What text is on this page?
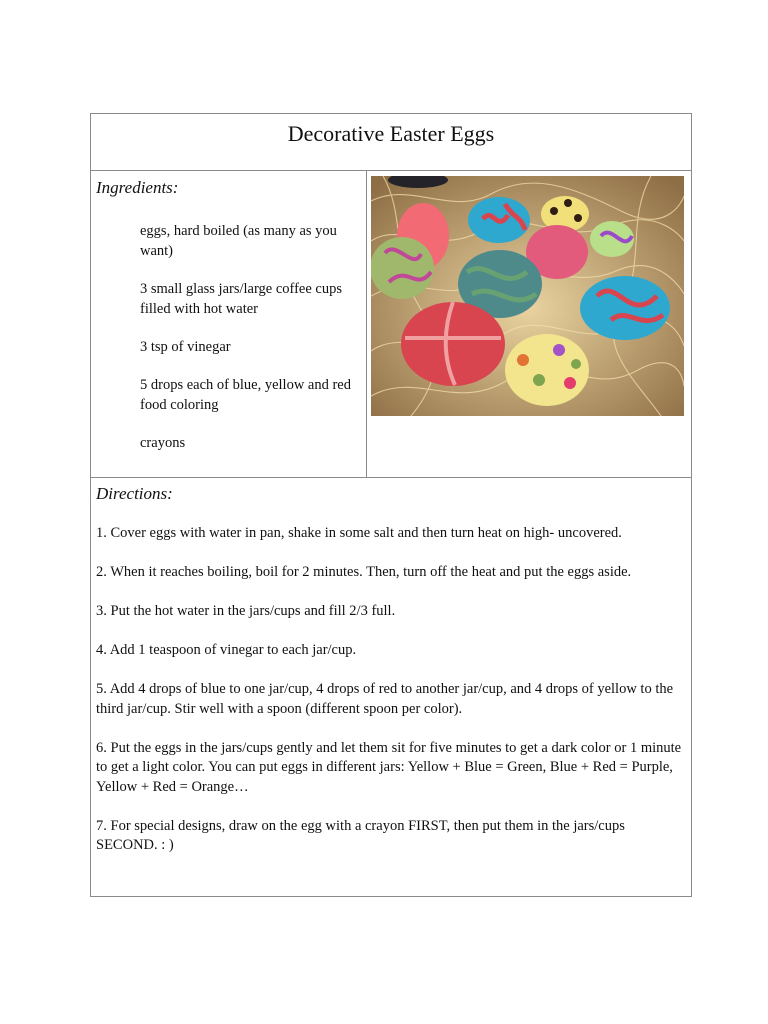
Decorative Easter Eggs
Ingredients:
eggs, hard boiled (as many as you want)
3 small glass jars/large coffee cups filled with hot water
3 tsp of vinegar
5 drops each of blue, yellow and red food coloring
crayons
Directions:
1. Cover eggs with water in pan, shake in some salt and then turn heat on high- uncovered.
2. When it reaches boiling, boil for 2 minutes. Then, turn off the heat and put the eggs aside.
3. Put the hot water in the jars/cups and fill 2/3 full.
4. Add 1 teaspoon of vinegar to each jar/cup.
5. Add 4 drops of blue to one jar/cup, 4 drops of red to another jar/cup, and 4 drops of yellow to the third jar/cup. Stir well with a spoon (different spoon per color).
6. Put the eggs in the jars/cups gently and let them sit for five minutes to get a dark color or 1 minute to get a light color. You can put eggs in different jars: Yellow + Blue = Green, Blue + Red = Purple, Yellow + Red = Orange…
7. For special designs, draw on the egg with a crayon FIRST, then put them in the jars/cups SECOND. : )
